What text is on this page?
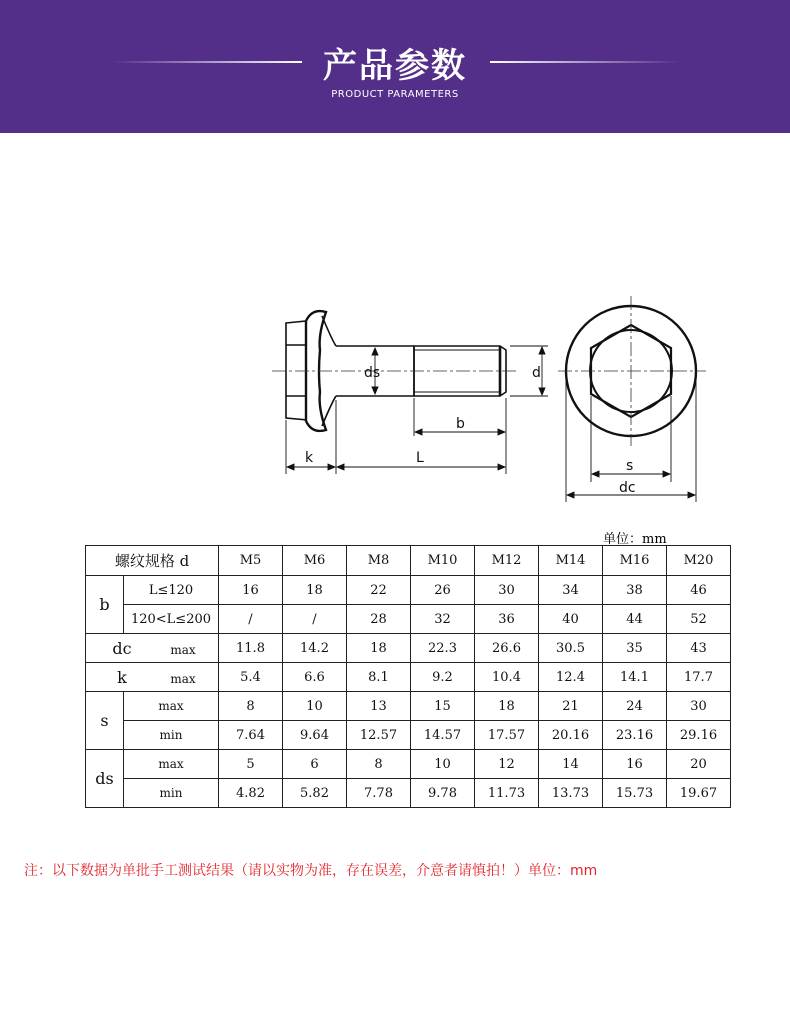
产品参数
PRODUCT PARAMETERS
ds	d
b
k	L	s
dc
单位：mm
螺纹规格 d		M5	M6	M8	M10	M12	M14	M16	M20
b	L≤120	16	18	22	26	30	34	38	46
	120<L≤200	/	/	28	32	36	40	44	52
dc max		11.8	14.2	18	22.3	26.6	30.5	35	43
k max		5.4	6.6	8.1	9.2	10.4	12.4	14.1	17.7
s	max	8	10	13	15	18	21	24	30
	min	7.64	9.64	12.57	14.57	17.57	20.16	23.16	29.16
ds	max	5	6	8	10	12	14	16	20
	min	4.82	5.82	7.78	9.78	11.73	13.73	15.73	19.67
注：以下数据为单批手工测试结果（请以实物为准，存在误差，介意者请慎拍！）单位：mm
